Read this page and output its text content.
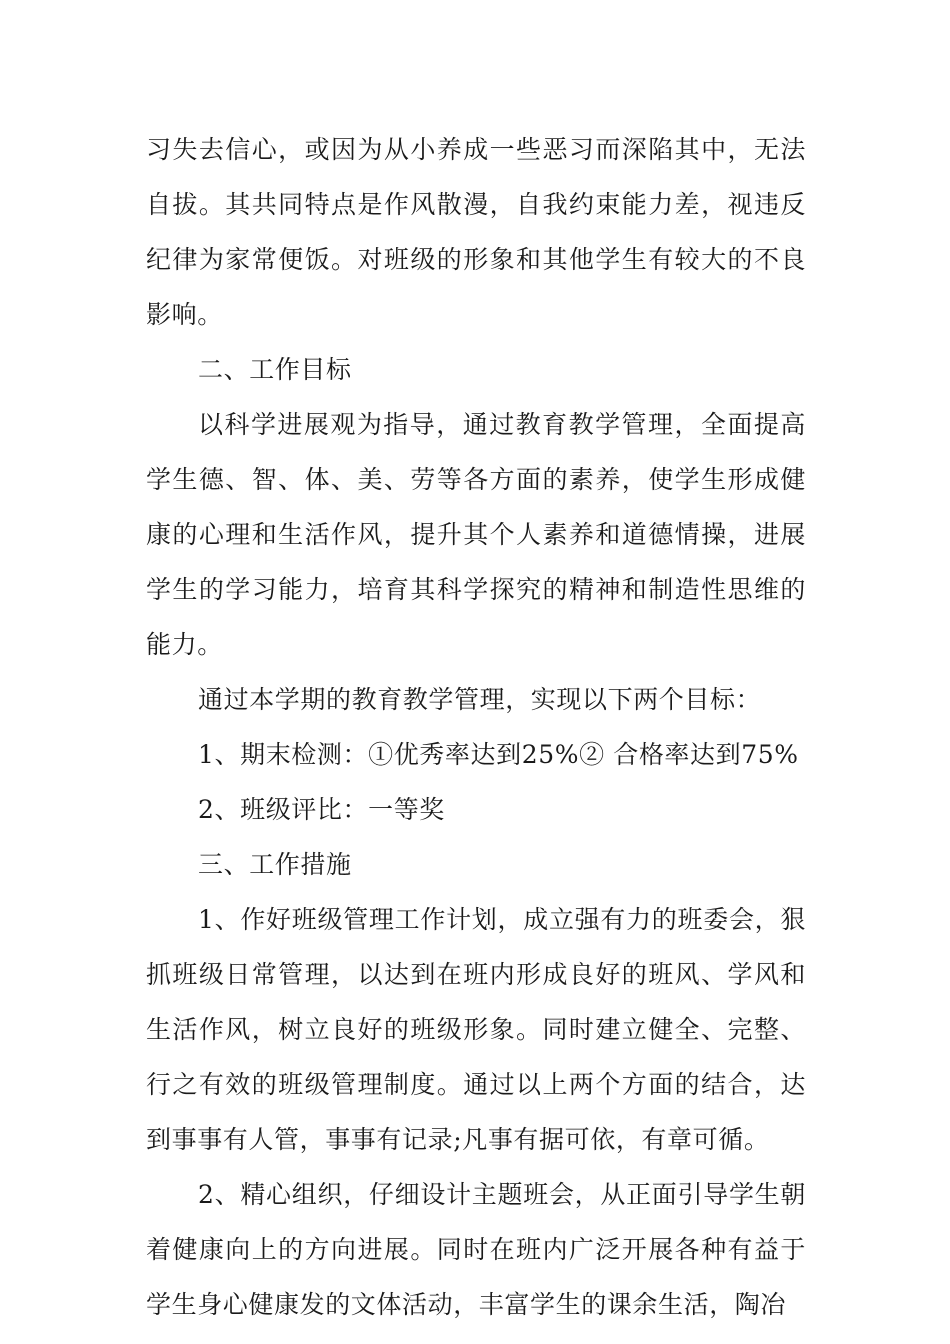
习失去信心，或因为从小养成一些恶习而深陷其中，无法自拔。其共同特点是作风散漫，自我约束能力差，视违反纪律为家常便饭。对班级的形象和其他学生有较大的不良影响。

二、工作目标

以科学进展观为指导，通过教育教学管理，全面提高学生德、智、体、美、劳等各方面的素养，使学生形成健康的心理和生活作风，提升其个人素养和道德情操，进展学生的学习能力，培育其科学探究的精神和制造性思维的能力。

通过本学期的教育教学管理，实现以下两个目标：

1、期末检测：①优秀率达到25%② 合格率达到75%

2、班级评比：一等奖

三、工作措施

1、作好班级管理工作计划，成立强有力的班委会，狠抓班级日常管理，以达到在班内形成良好的班风、学风和生活作风，树立良好的班级形象。同时建立健全、完整、行之有效的班级管理制度。通过以上两个方面的结合，达到事事有人管，事事有记录;凡事有据可依，有章可循。

2、精心组织，仔细设计主题班会，从正面引导学生朝着健康向上的方向进展。同时在班内广泛开展各种有益于学生身心健康发的文体活动，丰富学生的课余生活，陶冶
